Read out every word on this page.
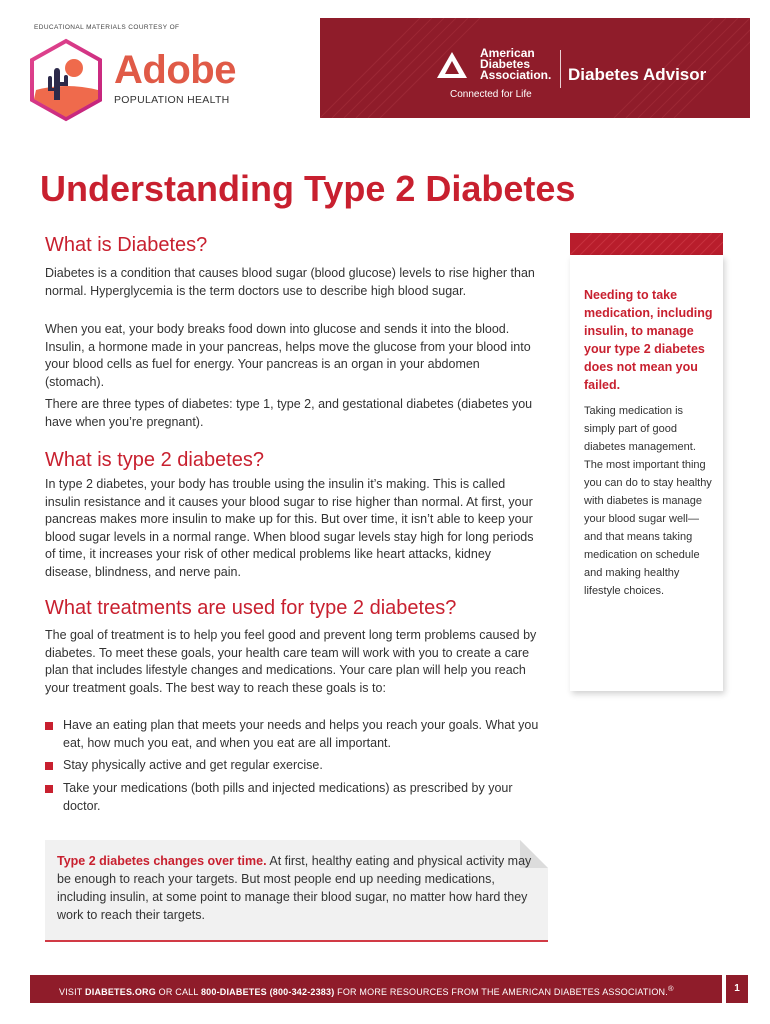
EDUCATIONAL MATERIALS COURTESY OF
Adobe
POPULATION HEALTH
American
Diabetes
Association. Diabetes Advisor
Connected for Life
Understanding Type 2 Diabetes
What is Diabetes?
Diabetes is a condition that causes blood sugar (blood glucose) levels to rise higher than normal. Hyperglycemia is the term doctors use to describe high blood sugar.
When you eat, your body breaks food down into glucose and sends it into the blood. Insulin, a hormone made in your pancreas, helps move the glucose from your blood into your blood cells as fuel for energy. Your pancreas is an organ in your abdomen (stomach).
There are three types of diabetes: type 1, type 2, and gestational diabetes (diabetes you have when you’re pregnant).
What is type 2 diabetes?
In type 2 diabetes, your body has trouble using the insulin it’s making. This is called insulin resistance and it causes your blood sugar to rise higher than normal. At first, your pancreas makes more insulin to make up for this. But over time, it isn’t able to keep your blood sugar levels in a normal range. When blood sugar levels stay high for long periods of time, it increases your risk of other medical problems like heart attacks, kidney disease, blindness, and nerve pain.
What treatments are used for type 2 diabetes?
The goal of treatment is to help you feel good and prevent long term problems caused by diabetes. To meet these goals, your health care team will work with you to create a care plan that includes lifestyle changes and medications. Your care plan will help you reach your treatment goals. The best way to reach these goals is to:
Have an eating plan that meets your needs and helps you reach your goals. What you eat, how much you eat, and when you eat are all important.
Stay physically active and get regular exercise.
Take your medications (both pills and injected medications) as prescribed by your doctor.
Needing to take medication, including insulin, to manage your type 2 diabetes does not mean you failed.
Taking medication is simply part of good diabetes management. The most important thing you can do to stay healthy with diabetes is manage your blood sugar well—and that means taking medication on schedule and making healthy lifestyle choices.
Type 2 diabetes changes over time. At first, healthy eating and physical activity may be enough to reach your targets. But most people end up needing medications, including insulin, at some point to manage their blood sugar, no matter how hard they work to reach their targets.
VISIT DIABETES.ORG OR CALL 800-DIABETES (800-342-2383) FOR MORE RESOURCES FROM THE AMERICAN DIABETES ASSOCIATION.®	1
